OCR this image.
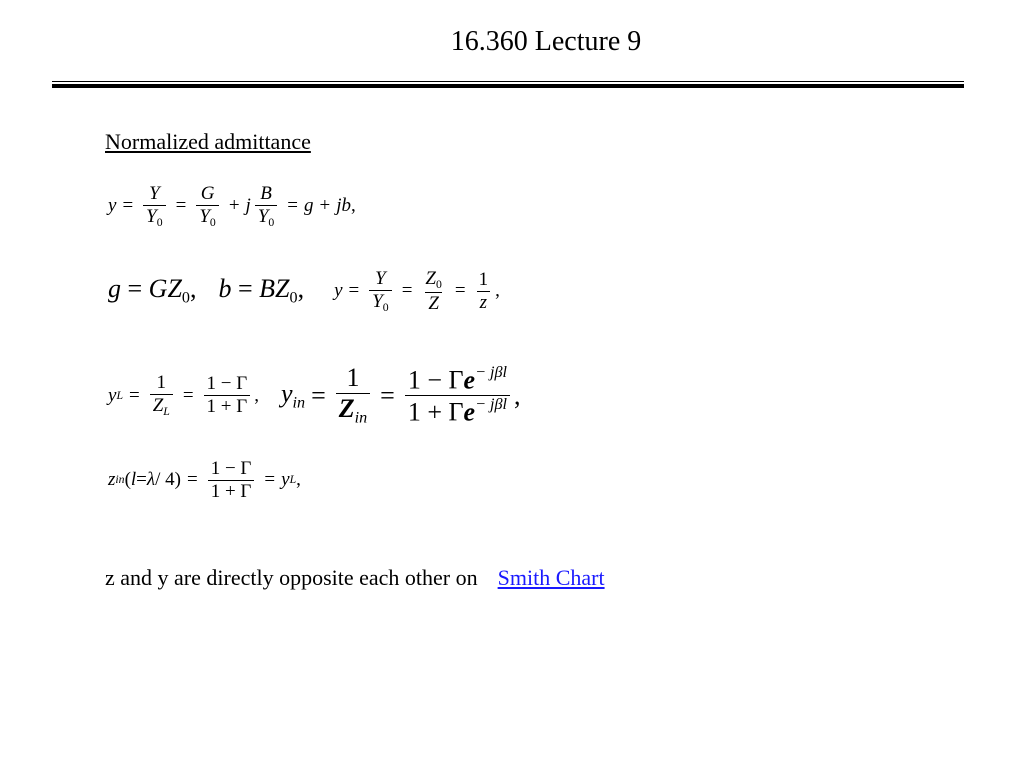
16.360 Lecture 9
Normalized admittance
$y = \frac{Y}{Y_0} = \frac{G}{Y_0} + j \frac{B}{Y_0} = g$ + jb ,
$g = GZ_0$, $b = BZ_0$, $y = \frac{Y}{Y_0} = \frac{Z_0}{Z} = \frac{1}{z}$ ,
y $L = \frac{1}{Z_L} = \frac{1 - \Gamma}{1 + \Gamma}$ , $y_{in} = \frac{1}{Z_{in}} = \frac{1 - \Gamma e^{- j\beta l}}{1 + \Gamma e^{- j\beta l}}$ ,
z in ( $l = \lambda / 4) = \frac{1 - \Gamma}{1 + \Gamma} = y$ L ,
z and y are directly opposite each other on Smith Chart
